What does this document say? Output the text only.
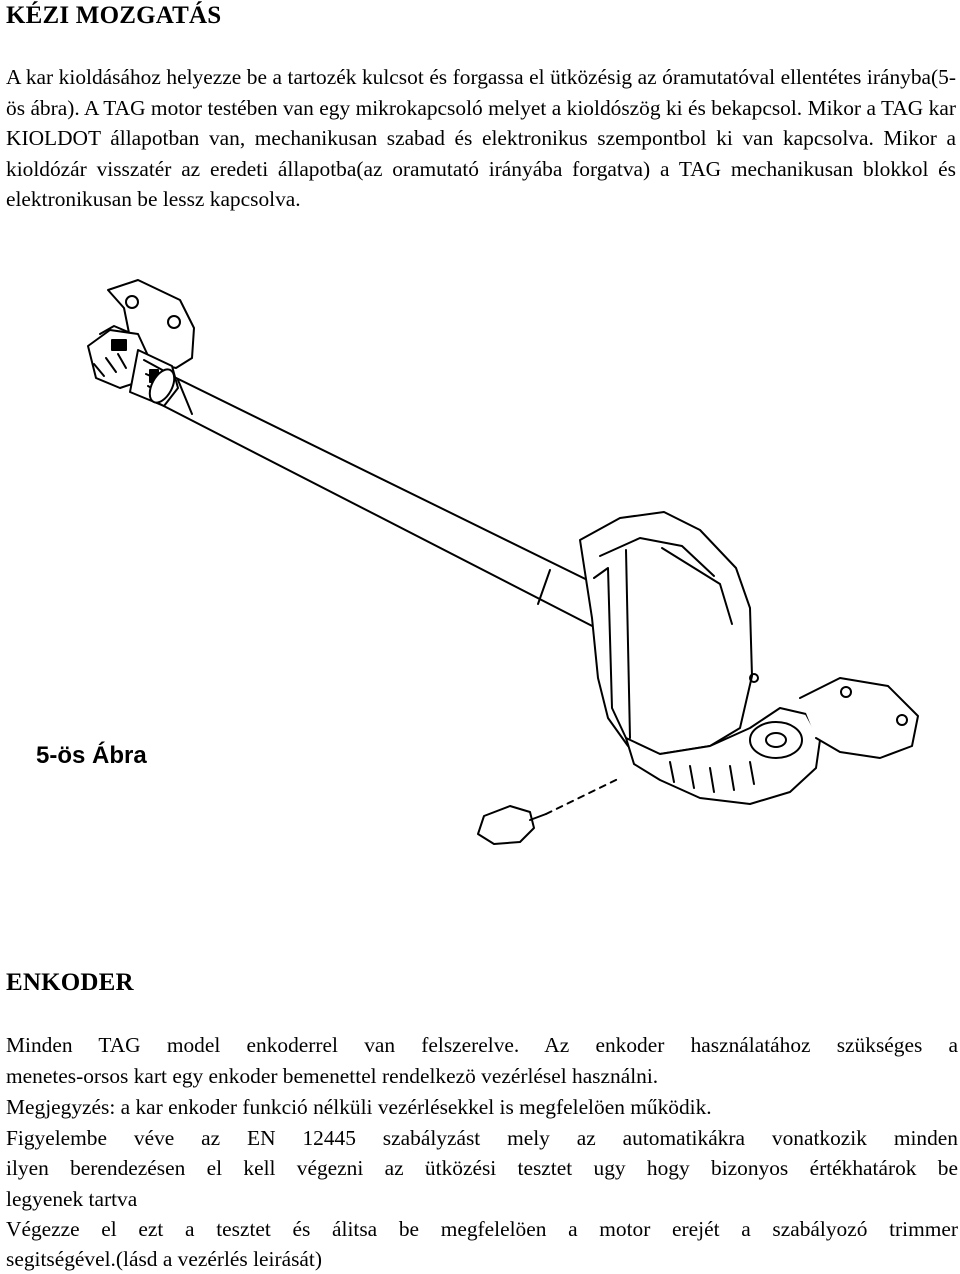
KÉZI MOZGATÁS

A kar kioldásához helyezze be a tartozék kulcsot és forgassa el ütközésig az óramutatóval ellentétes irányba(5-ös ábra). A TAG motor testében van egy mikrokapcsoló melyet a kioldószög ki és bekapcsol. Mikor a TAG kar KIOLDOT állapotban van, mechanikusan szabad és elektronikus szempontbol ki van kapcsolva. Mikor a kioldózár visszatér az eredeti állapotba(az oramutató irányába forgatva) a TAG mechanikusan blokkol és elektronikusan be lessz kapcsolva.

5-ös Ábra
ENKODER

Minden TAG model enkoderrel van felszerelve. Az enkoder használatához szükséges a

menetes-orsos kart egy enkoder bemenettel rendelkezö vezérlésel használni.

Megjegyzés: a kar enkoder funkció nélküli vezérlésekkel is megfelelöen működik.

Figyelembe véve az EN 12445 szabályzást mely az automatikákra vonatkozik minden

ilyen berendezésen el kell végezni az ütközési tesztet ugy hogy bizonyos értékhatárok be

legyenek tartva

Végezze el ezt a tesztet és álitsa be megfelelöen a motor erejét a szabályozó trimmer

segitségével.(lásd a vezérlés leirását)
